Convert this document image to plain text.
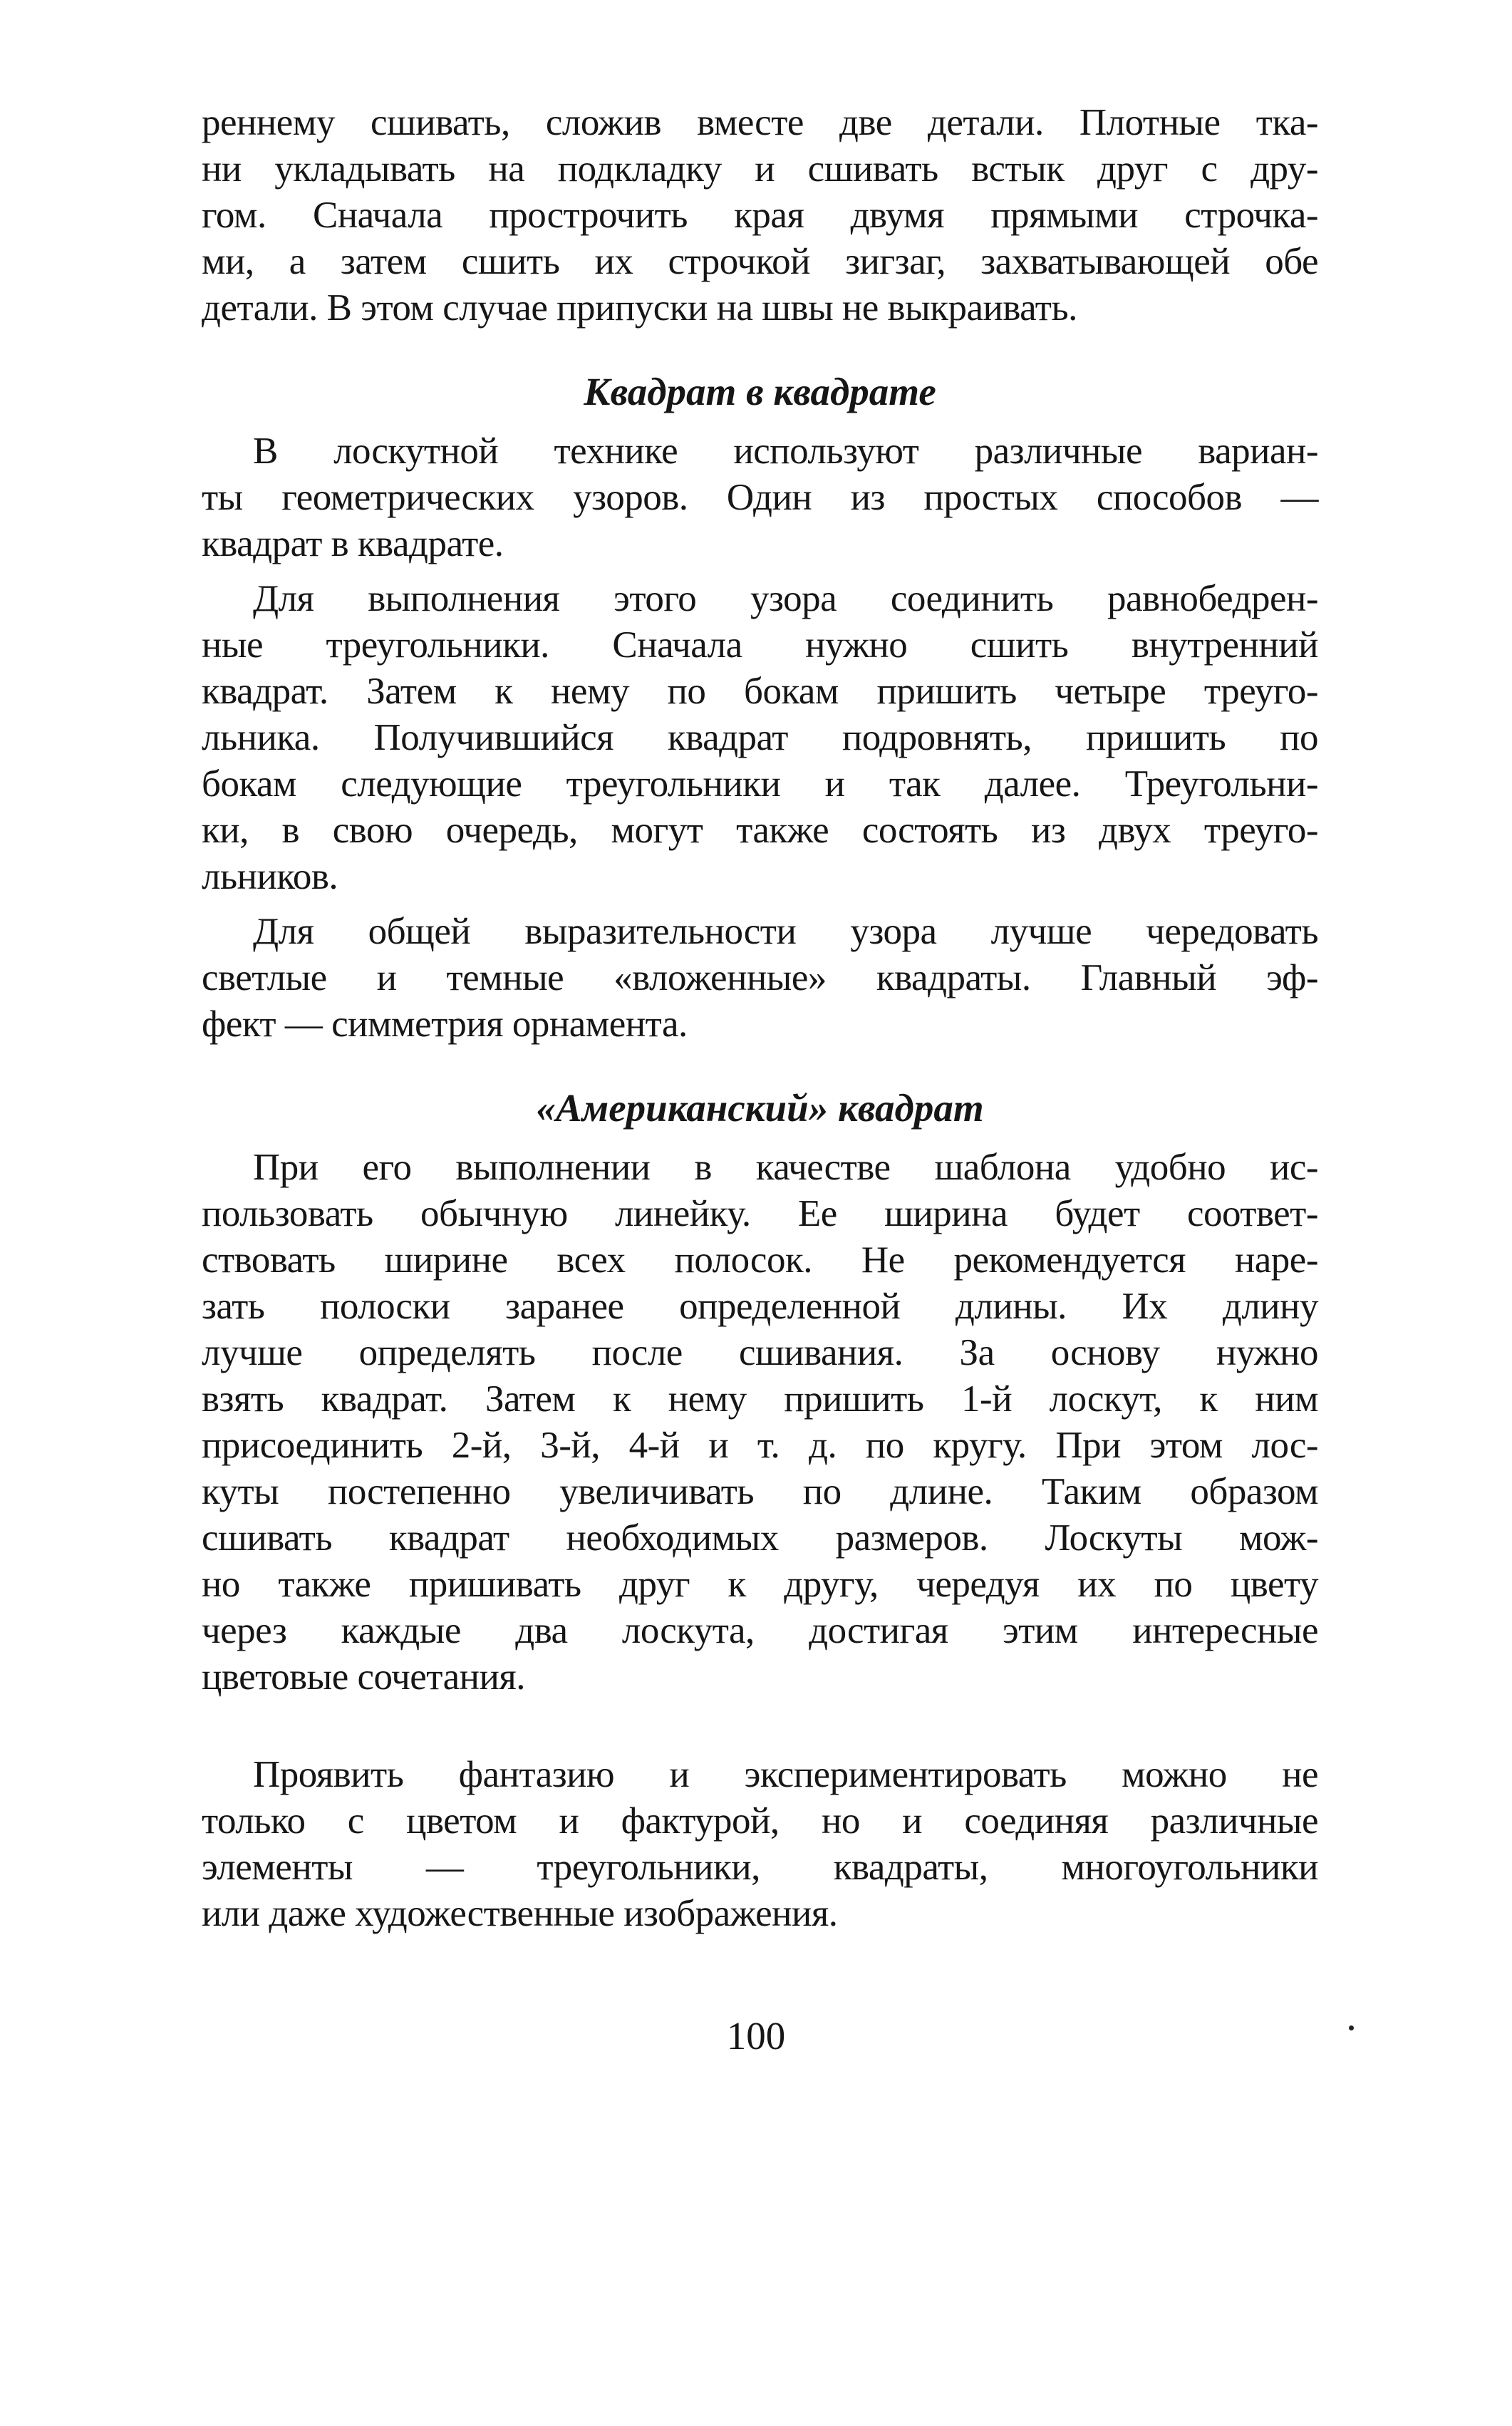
реннему сшивать, сложив вместе две детали. Плотные тка-
ни укладывать на подкладку и сшивать встык друг с дру-
гом. Сначала прострочить края двумя прямыми строчка-
ми, а затем сшить их строчкой зигзаг, захватывающей обе
детали. В этом случае припуски на швы не выкраивать.
Квадрат в квадрате
В лоскутной технике используют различные вариан-
ты геометрических узоров. Один из простых способов —
квадрат в квадрате.
Для выполнения этого узора соединить равнобедрен-
ные треугольники. Сначала нужно сшить внутренний
квадрат. Затем к нему по бокам пришить четыре треуго-
льника. Получившийся квадрат подровнять, пришить по
бокам следующие треугольники и так далее. Треугольни-
ки, в свою очередь, могут также состоять из двух треуго-
льников.
Для общей выразительности узора лучше чередовать
светлые и темные «вложенные» квадраты. Главный эф-
фект — симметрия орнамента.
«Американский» квадрат
При его выполнении в качестве шаблона удобно ис-
пользовать обычную линейку. Ее ширина будет соответ-
ствовать ширине всех полосок. Не рекомендуется наре-
зать полоски заранее определенной длины. Их длину
лучше определять после сшивания. За основу нужно
взять квадрат. Затем к нему пришить 1-й лоскут, к ним
присоединить 2-й, 3-й, 4-й и т. д. по кругу. При этом лос-
куты постепенно увеличивать по длине. Таким образом
сшивать квадрат необходимых размеров. Лоскуты мож-
но также пришивать друг к другу, чередуя их по цвету
через каждые два лоскута, достигая этим интересные
цветовые сочетания.
Проявить фантазию и экспериментировать можно не
только с цветом и фактурой, но и соединяя различные
элементы — треугольники, квадраты, многоугольники
или даже художественные изображения.
100
